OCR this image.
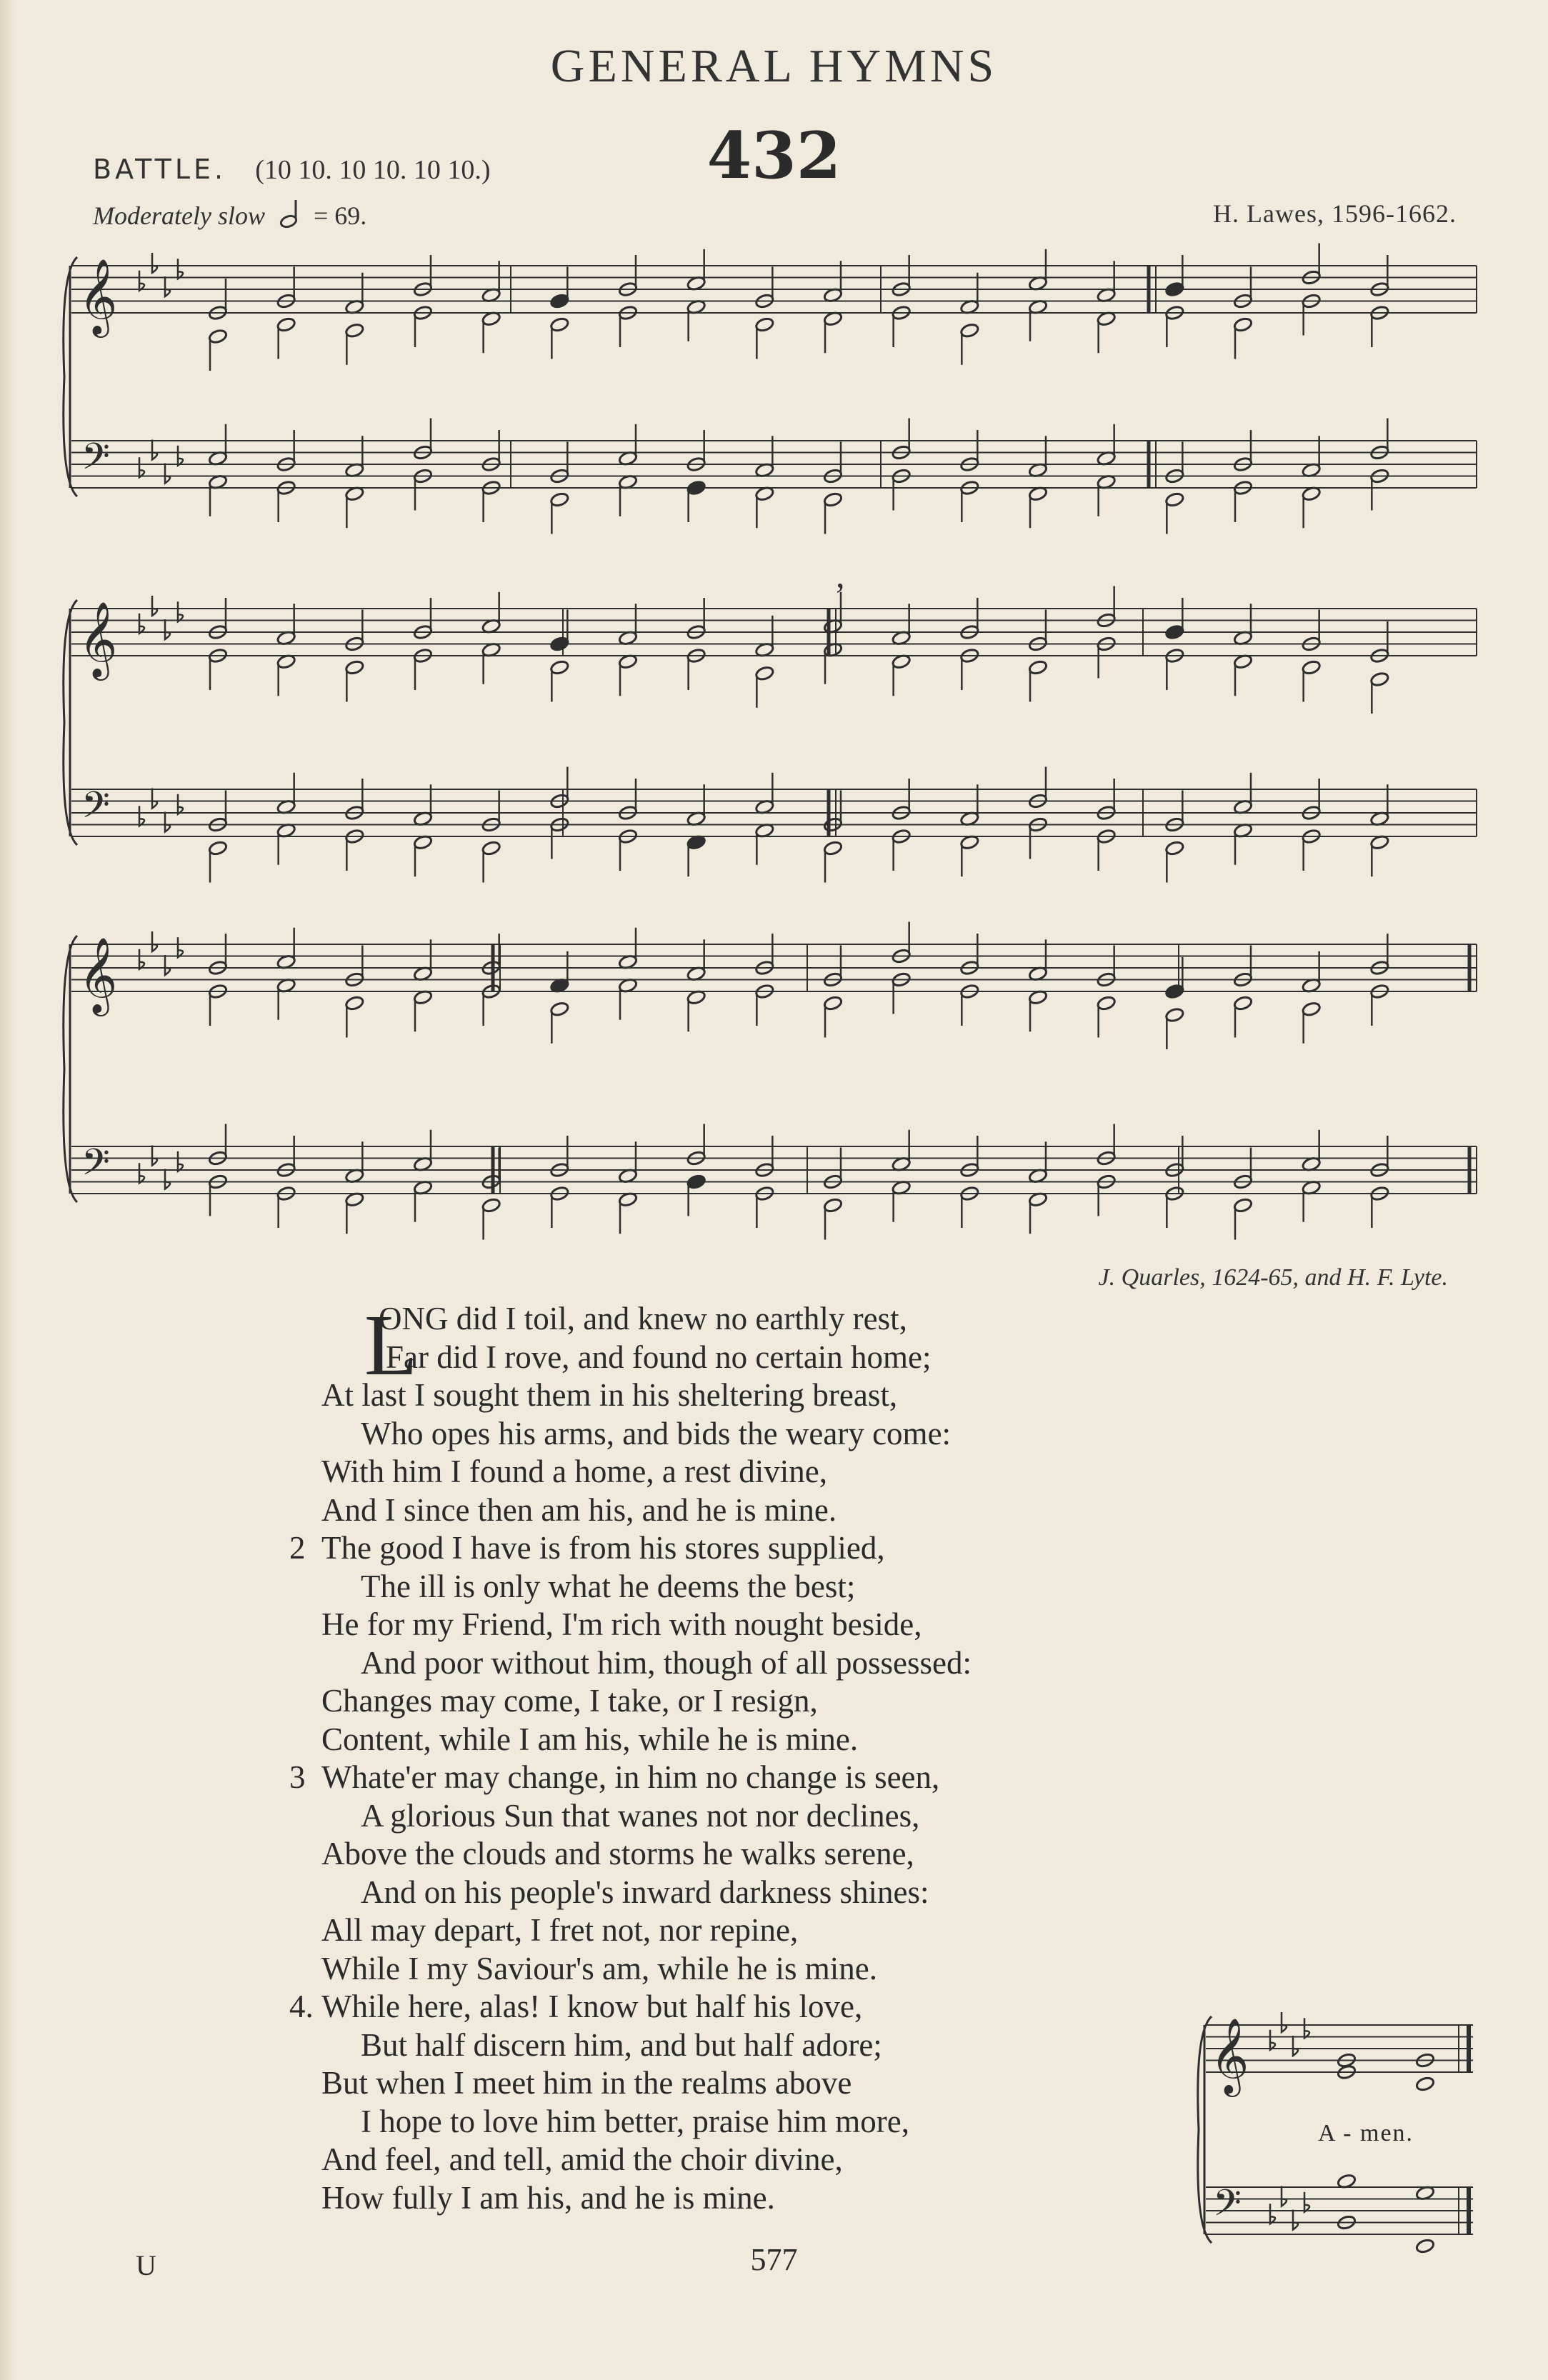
GENERAL HYMNS
432
BATTLE. (10 10. 10 10. 10 10.)
Moderately slow = 69.	H. Lawes, 1596-1662.
𝄞
𝄢
,
𝄞
𝄢
𝄞
𝄢
J. Quarles, 1624-65, and H. F. Lyte.
L
ONG did I toil, and knew no earthly rest,
Far did I rove, and found no certain home;
At last I sought them in his sheltering breast,
Who opes his arms, and bids the weary come:
With him I found a home, a rest divine,
And I since then am his, and he is mine.
2 The good I have is from his stores supplied,
The ill is only what he deems the best;
He for my Friend, I'm rich with nought beside,
And poor without him, though of all possessed:
Changes may come, I take, or I resign,
Content, while I am his, while he is mine.
3 Whate'er may change, in him no change is seen,
A glorious Sun that wanes not nor declines,
Above the clouds and storms he walks serene,
And on his people's inward darkness shines:
All may depart, I fret not, nor repine,
While I my Saviour's am, while he is mine.
4. While here, alas! I know but half his love,
But half discern him, and but half adore;
But when I meet him in the realms above
I hope to love him better, praise him more,
And feel, and tell, amid the choir divine,
How fully I am his, and he is mine.
𝄞
𝄢
A - men.
U	577
